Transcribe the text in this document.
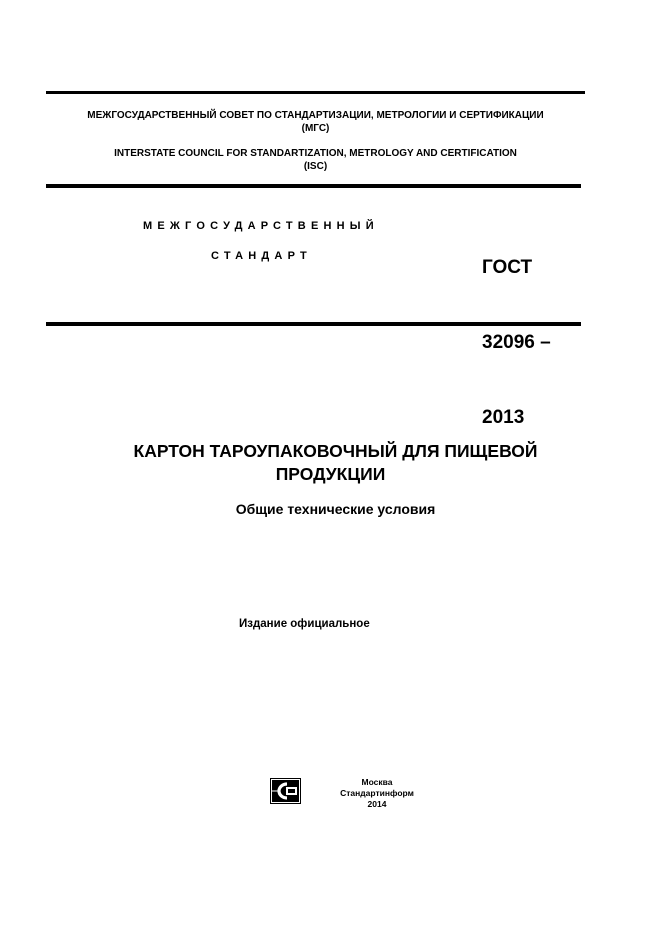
МЕЖГОСУДАРСТВЕННЫЙ СОВЕТ ПО СТАНДАРТИЗАЦИИ, МЕТРОЛОГИИ И СЕРТИФИКАЦИИ
(МГС)
INTERSTATE COUNCIL FOR STANDARTIZATION, METROLOGY AND CERTIFICATION
(ISC)
МЕЖГОСУДАРСТВЕННЫЙ
СТАНДАРТ

ГОСТ

32096 –

2013

КАРТОН ТАРОУПАКОВОЧНЫЙ ДЛЯ ПИЩЕВОЙ
ПРОДУКЦИИ
Общие технические условия
Издание официальное
Москва
Стандартинформ
2014
